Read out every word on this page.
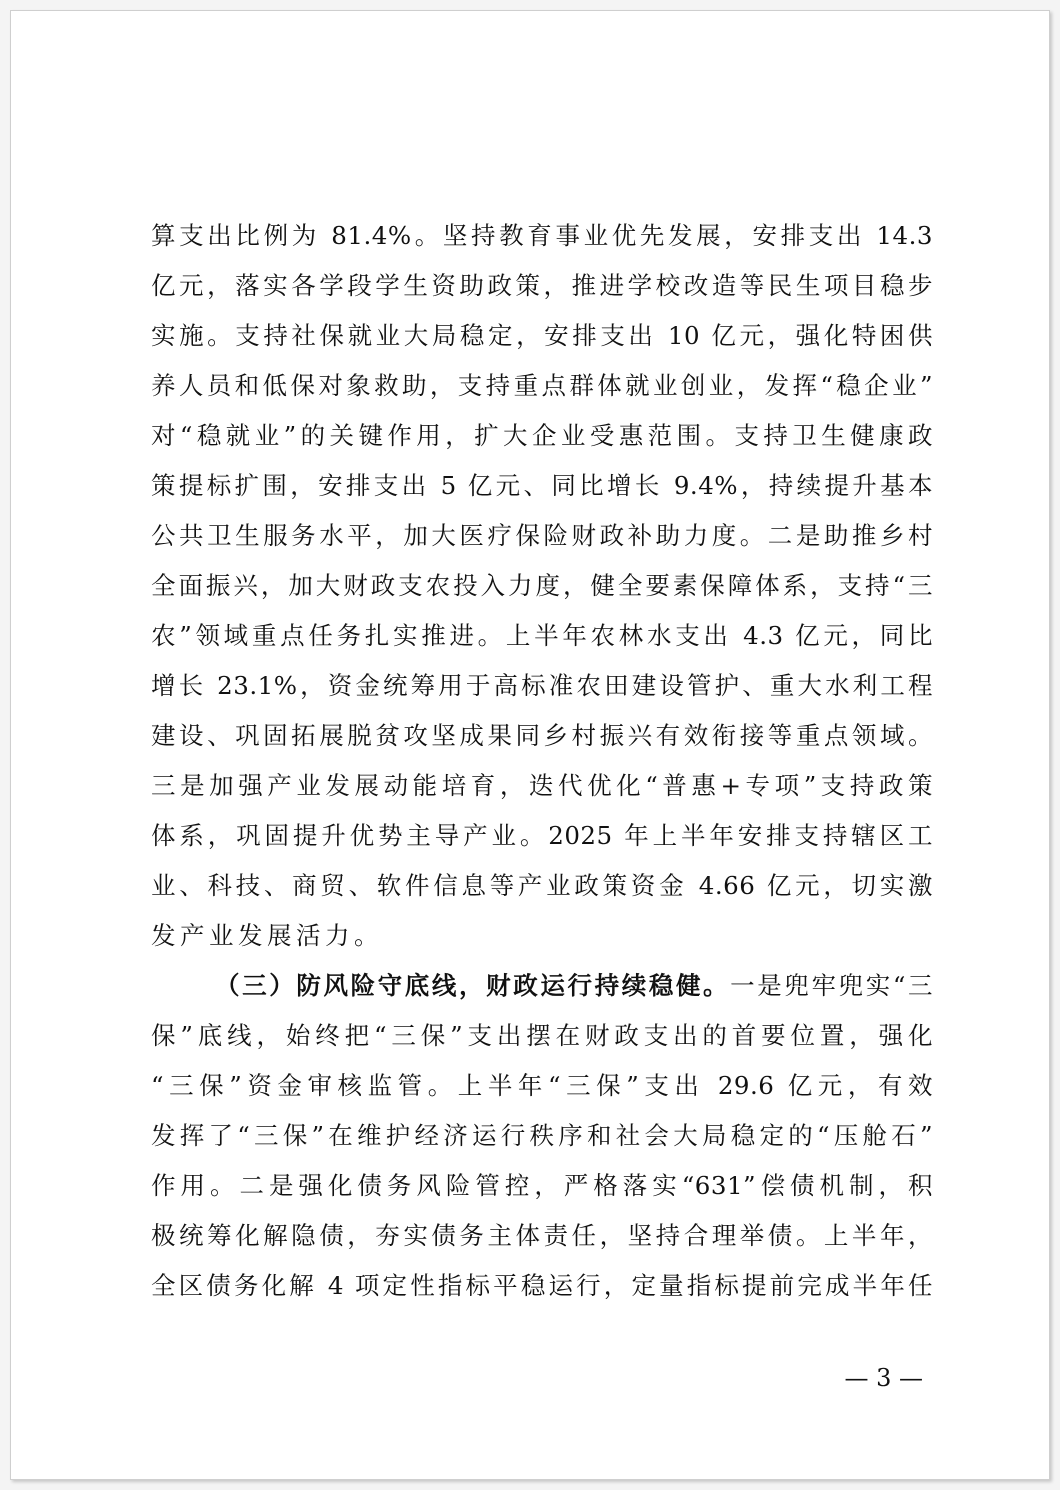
算支出比例为 81.4%。坚持教育事业优先发展，安排支出 14.3
亿元，落实各学段学生资助政策，推进学校改造等民生项目稳步
实施。支持社保就业大局稳定，安排支出 10 亿元，强化特困供
养人员和低保对象救助，支持重点群体就业创业，发挥“稳企业”
对“稳就业”的关键作用，扩大企业受惠范围。支持卫生健康政
策提标扩围，安排支出 5 亿元、同比增长 9.4%，持续提升基本
公共卫生服务水平，加大医疗保险财政补助力度。二是助推乡村
全面振兴，加大财政支农投入力度，健全要素保障体系，支持“三
农”领域重点任务扎实推进。上半年农林水支出 4.3 亿元，同比
增长 23.1%，资金统筹用于高标准农田建设管护、重大水利工程
建设、巩固拓展脱贫攻坚成果同乡村振兴有效衔接等重点领域。
三是加强产业发展动能培育，迭代优化“普惠+专项”支持政策
体系，巩固提升优势主导产业。2025 年上半年安排支持辖区工
业、科技、商贸、软件信息等产业政策资金 4.66 亿元，切实激
发产业发展活力。
（三）防风险守底线，财政运行持续稳健。一是兜牢兜实“三
保”底线，始终把“三保”支出摆在财政支出的首要位置，强化
“三保”资金审核监管。上半年“三保”支出 29.6 亿元，有效
发挥了“三保”在维护经济运行秩序和社会大局稳定的“压舱石”
作用。二是强化债务风险管控，严格落实“631”偿债机制，积
极统筹化解隐债，夯实债务主体责任，坚持合理举债。上半年，
全区债务化解 4 项定性指标平稳运行，定量指标提前完成半年任
— 3 —
